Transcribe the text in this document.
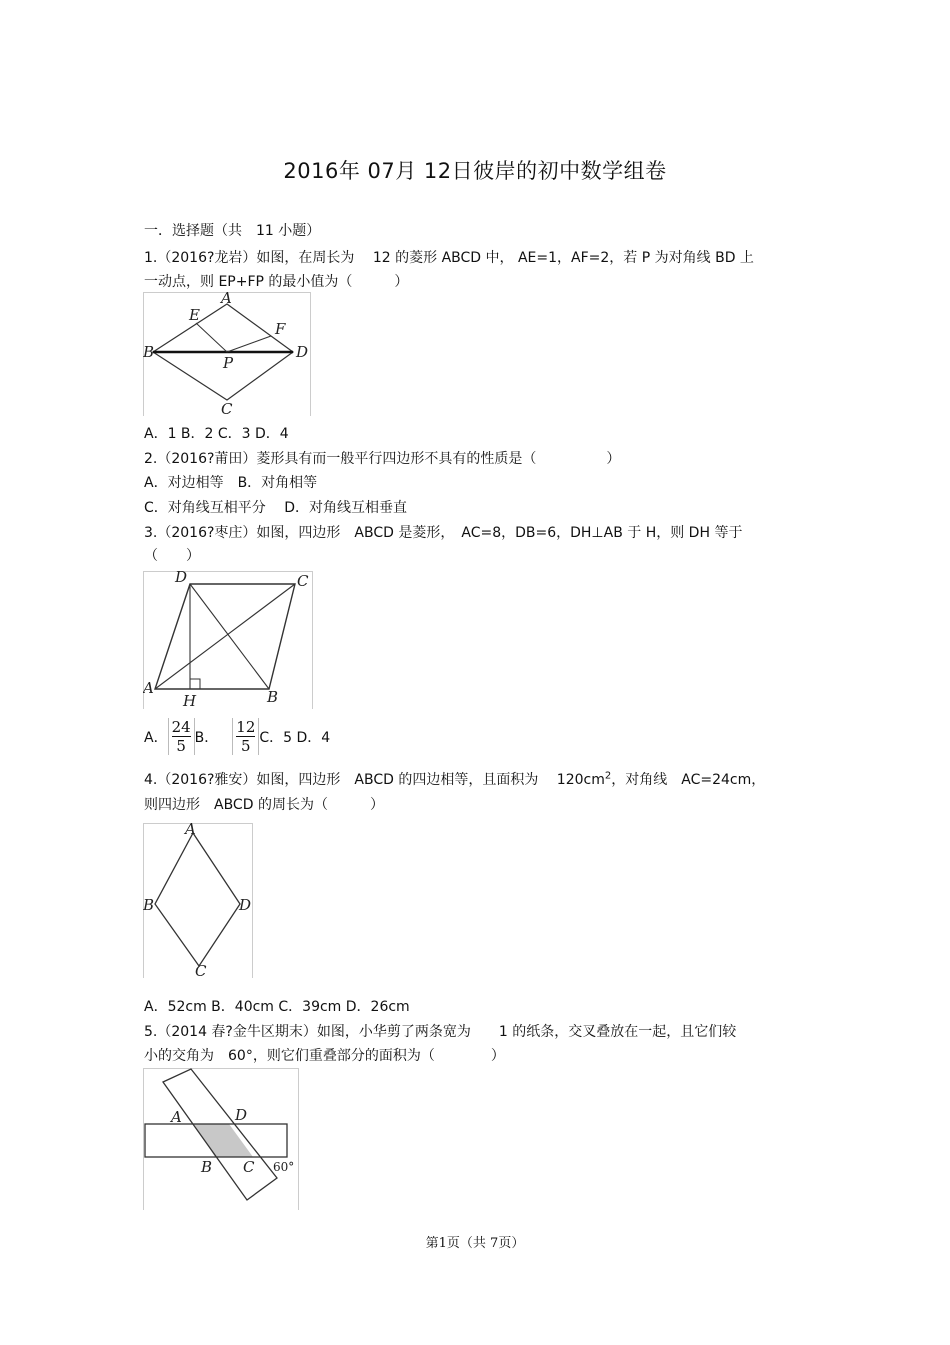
2016年 07月 12日彼岸的初中数学组卷
一．选择题（共　11 小题）
1.（2016?龙岩）如图，在周长为　 12 的菱形 ABCD 中， AE=1，AF=2，若 P 为对角线 BD 上
一动点，则 EP+FP 的最小值为（　　　）
A
B
C
D
E
F
P
A．1 B．2 C．3 D．4
2.（2016?莆田）菱形具有而一般平行四边形不具有的性质是（　　　　　）
A．对边相等　B．对角相等
C．对角线互相平分　 D．对角线互相垂直
3.（2016?枣庄）如图，四边形　ABCD 是菱形，　AC=8，DB=6，DH⊥AB 于 H，则 DH 等于
（　　）
A	B
C
D
H
A． $\frac{24}{5}$ B． $\frac{12}{5}$ C．5 D．4
4.（2016?雅安）如图，四边形　ABCD 的四边相等，且面积为　 $120cm^2$，对角线　AC=24cm，
则四边形　ABCD 的周长为（　　　）
A
B
C
D
A．52cm B．40cm C．39cm D．26cm
5.（2014 春?金牛区期末）如图，小华剪了两条宽为　　1 的纸条，交叉叠放在一起，且它们较
小的交角为　60°，则它们重叠部分的面积为（　　　　）
A
B C
D
60°
第1页（共 7页）
